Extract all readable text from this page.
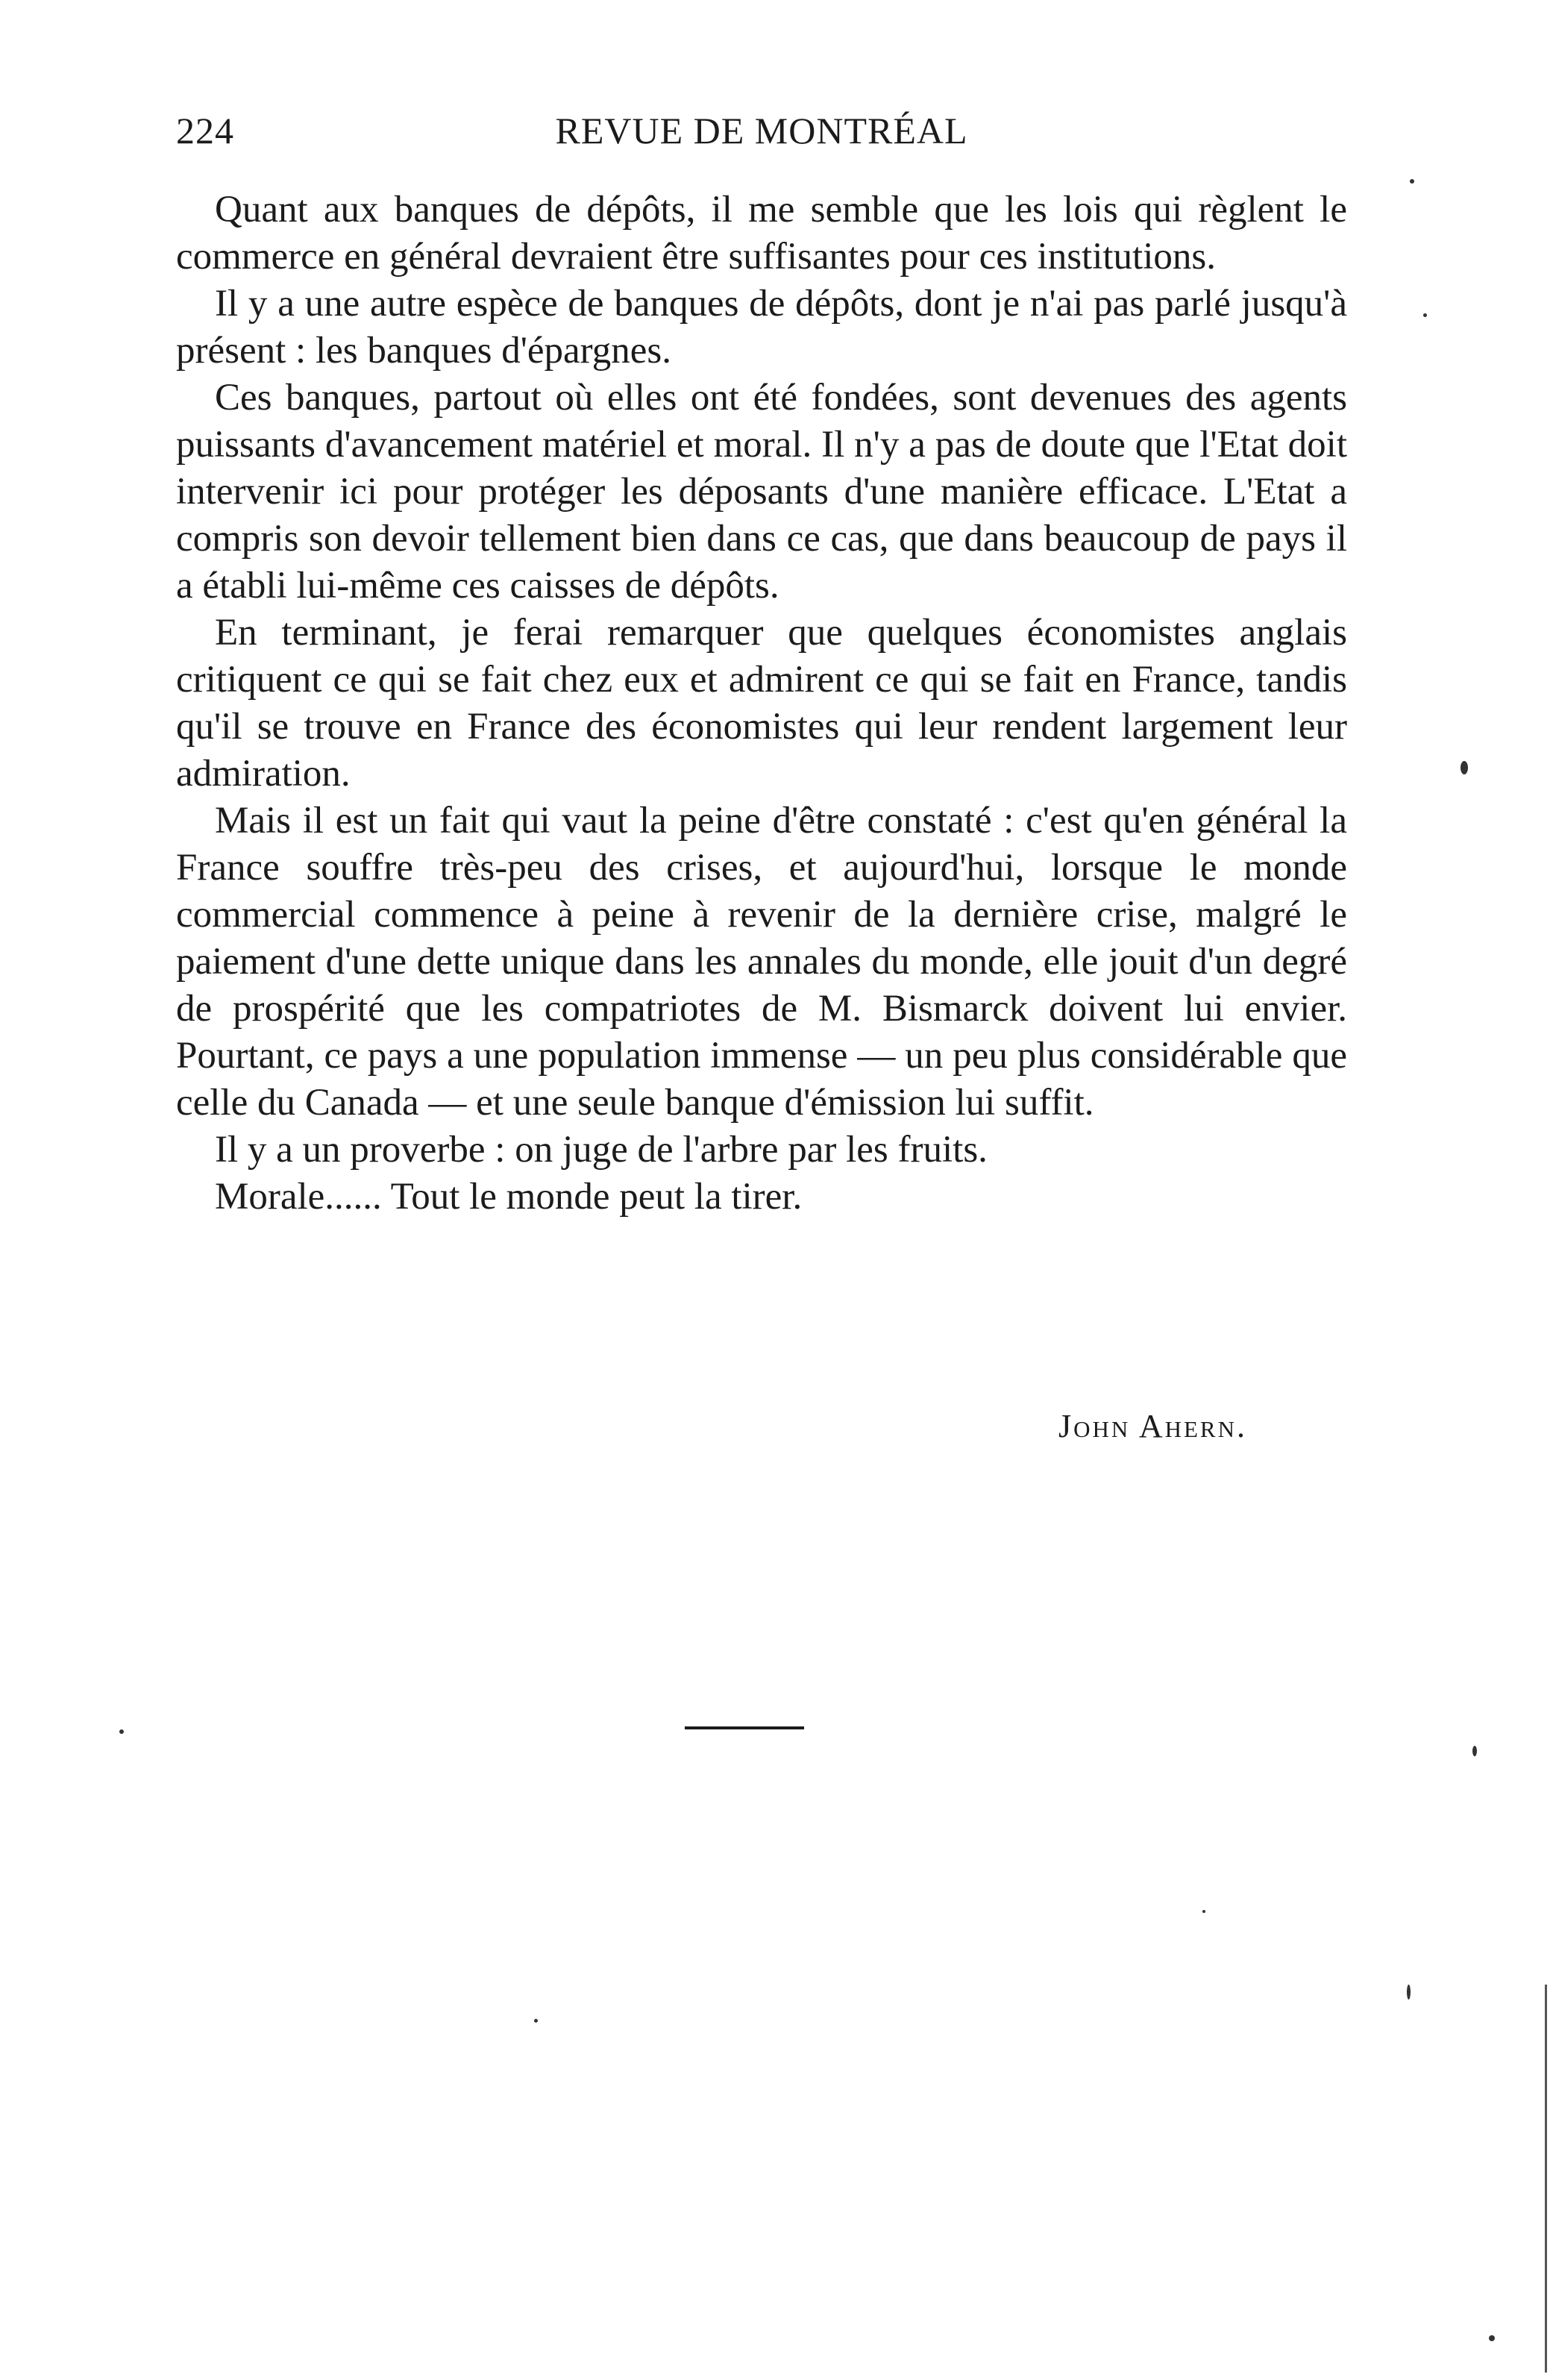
224	REVUE DE MONTRÉAL

Quant aux banques de dépôts, il me semble que les lois qui règlent le commerce en général devraient être suffisantes pour ces institutions.

Il y a une autre espèce de banques de dépôts, dont je n'ai pas parlé jusqu'à présent : les banques d'épargnes.

Ces banques, partout où elles ont été fondées, sont devenues des agents puissants d'avancement matériel et moral. Il n'y a pas de doute que l'Etat doit intervenir ici pour protéger les déposants d'une manière efficace. L'Etat a compris son devoir tellement bien dans ce cas, que dans beaucoup de pays il a établi lui-même ces caisses de dépôts.

En terminant, je ferai remarquer que quelques économistes anglais critiquent ce qui se fait chez eux et admirent ce qui se fait en France, tandis qu'il se trouve en France des économistes qui leur rendent largement leur admiration.

Mais il est un fait qui vaut la peine d'être constaté : c'est qu'en général la France souffre très-peu des crises, et aujourd'hui, lorsque le monde commercial commence à peine à revenir de la dernière crise, malgré le paiement d'une dette unique dans les annales du monde, elle jouit d'un degré de prospérité que les compatriotes de M. Bismarck doivent lui envier. Pourtant, ce pays a une population immense — un peu plus considérable que celle du Canada — et une seule banque d'émission lui suffit.

Il y a un proverbe : on juge de l'arbre par les fruits.

Morale...... Tout le monde peut la tirer.

John Ahern.
